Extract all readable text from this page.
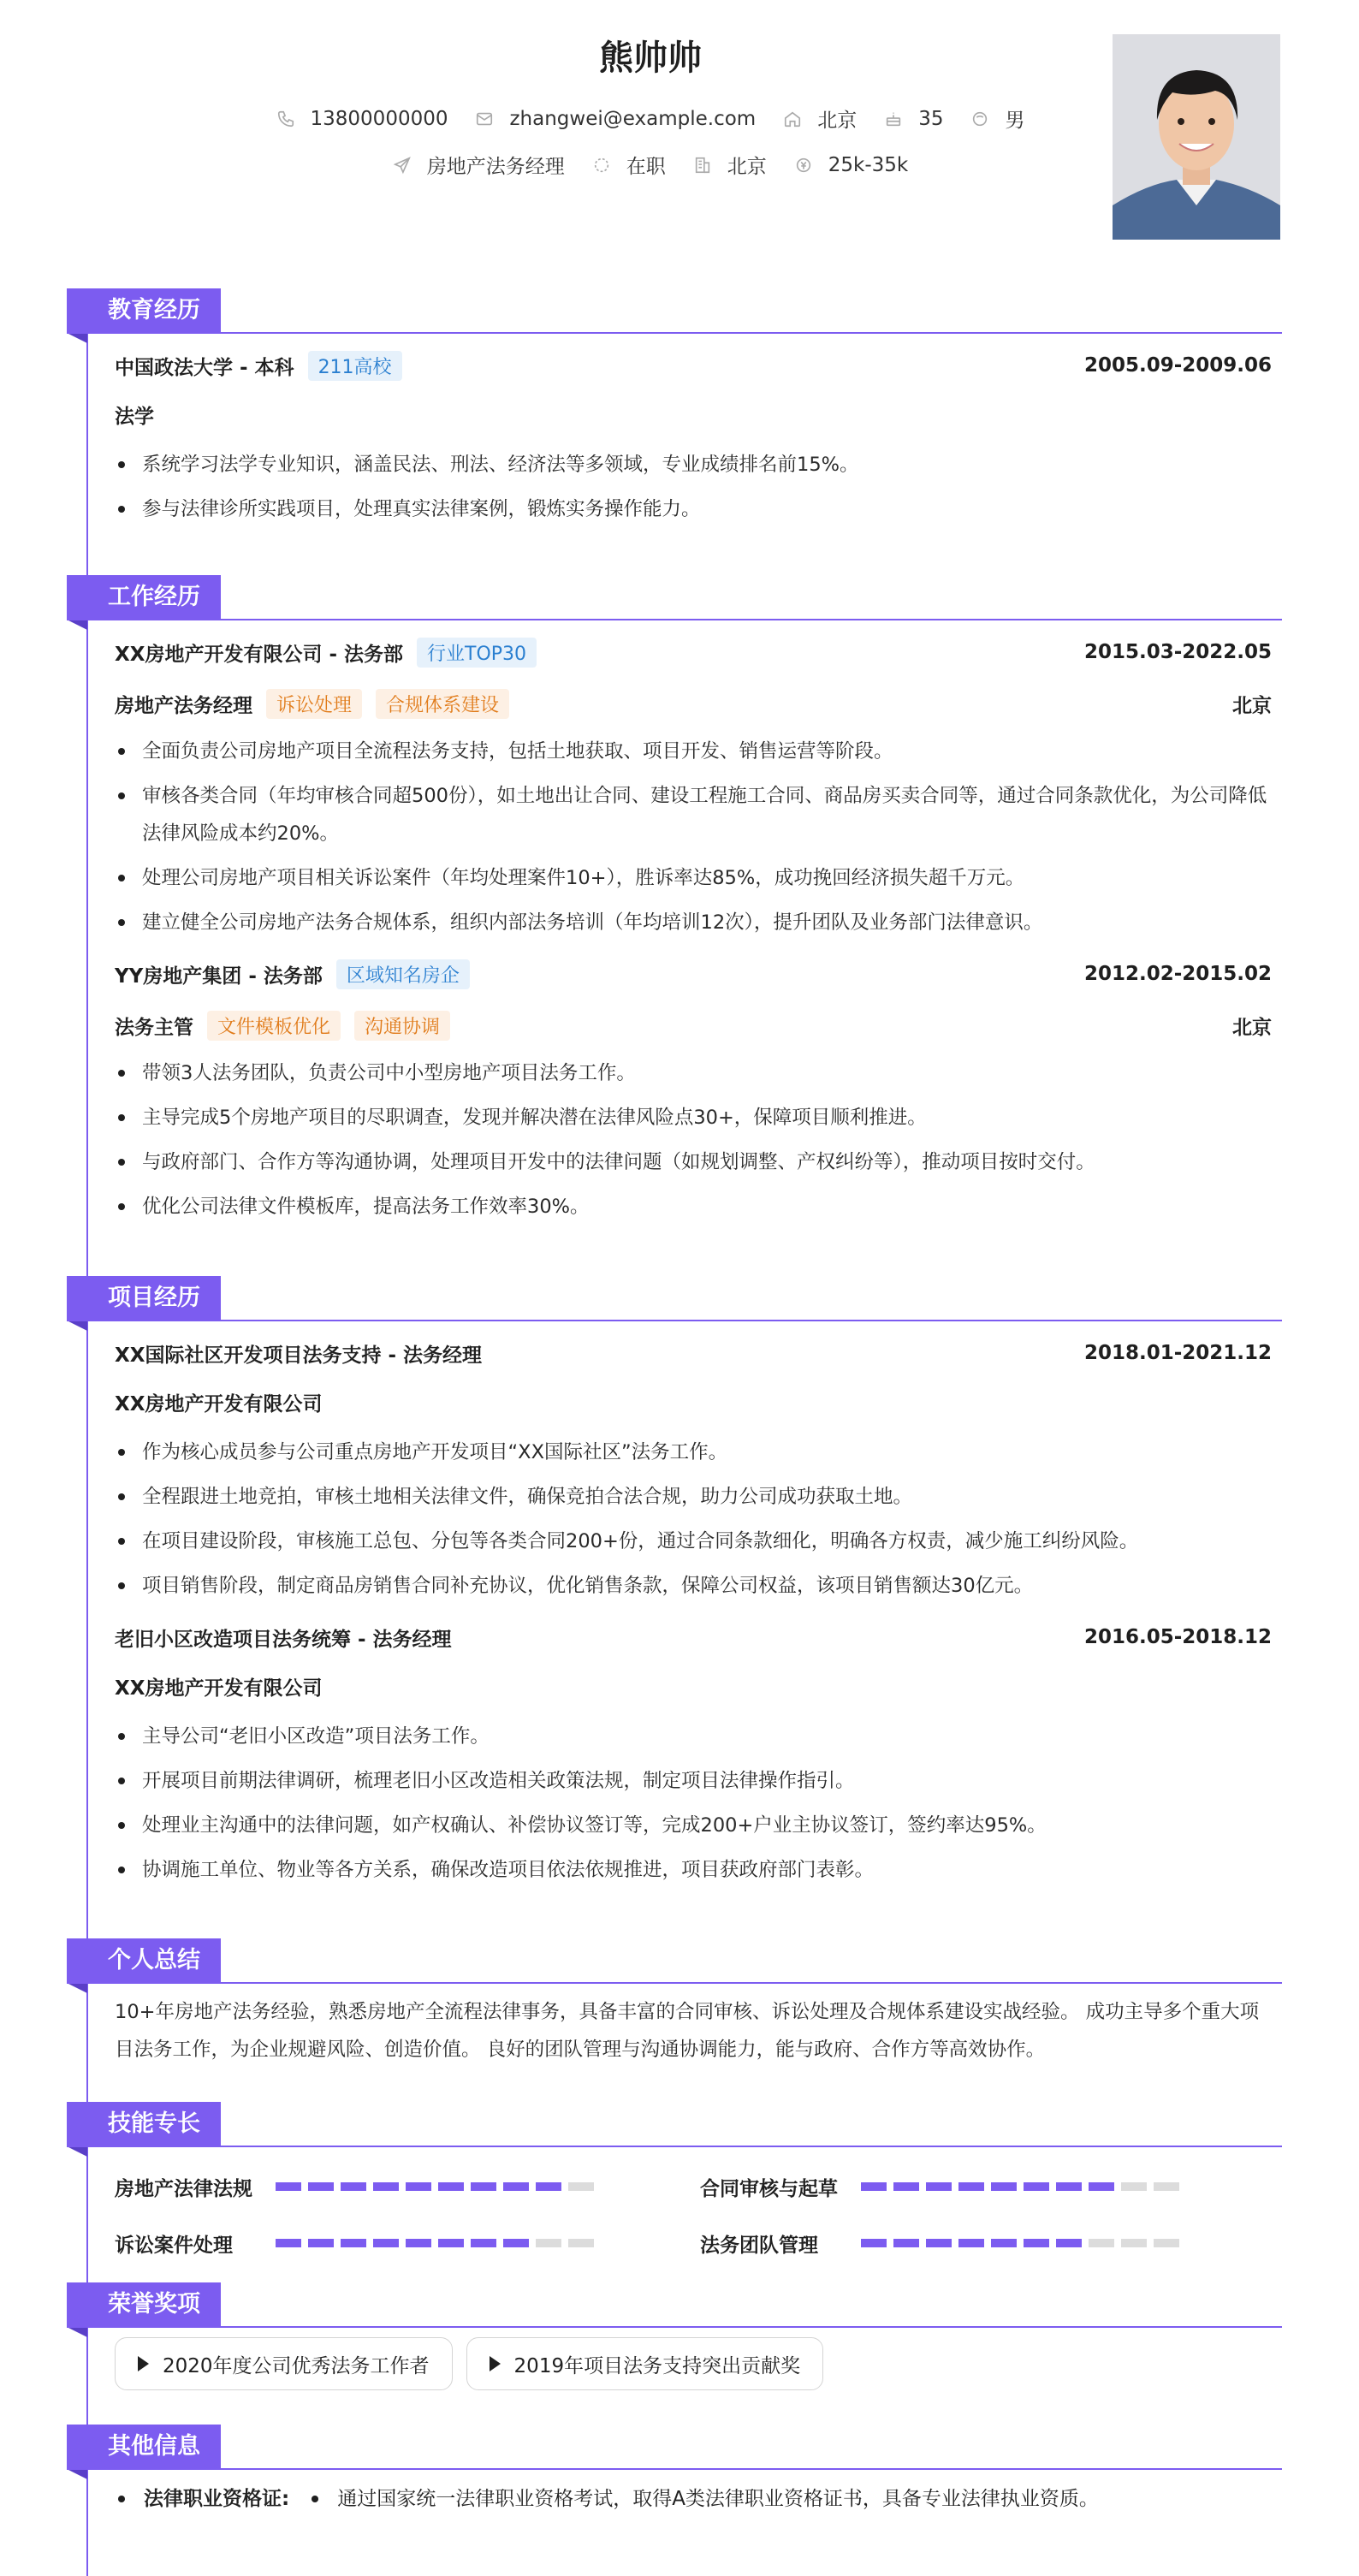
熊帅帅
13800000000	zhangwei@example.com	北京	35	男
房地产法务经理	在职	北京	25k-35k
教育经历
中国政法大学 - 本科	211高校	2005.09-2009.06
法学
系统学习法学专业知识，涵盖民法、刑法、经济法等多领域，专业成绩排名前15%。
参与法律诊所实践项目，处理真实法律案例，锻炼实务操作能力。
工作经历
XX房地产开发有限公司 - 法务部	行业TOP30	2015.03-2022.05
房地产法务经理	诉讼处理	合规体系建设	北京
全面负责公司房地产项目全流程法务支持，包括土地获取、项目开发、销售运营等阶段。
审核各类合同（年均审核合同超500份），如土地出让合同、建设工程施工合同、商品房买卖合同等，通过合同条款优化，为公司降低法律风险成本约20%。
处理公司房地产项目相关诉讼案件（年均处理案件10+），胜诉率达85%，成功挽回经济损失超千万元。
建立健全公司房地产法务合规体系，组织内部法务培训（年均培训12次），提升团队及业务部门法律意识。
YY房地产集团 - 法务部	区域知名房企	2012.02-2015.02
法务主管	文件模板优化	沟通协调	北京
带领3人法务团队，负责公司中小型房地产项目法务工作。
主导完成5个房地产项目的尽职调查，发现并解决潜在法律风险点30+，保障项目顺利推进。
与政府部门、合作方等沟通协调，处理项目开发中的法律问题（如规划调整、产权纠纷等），推动项目按时交付。
优化公司法律文件模板库，提高法务工作效率30%。
项目经历
XX国际社区开发项目法务支持 - 法务经理	2018.01-2021.12
XX房地产开发有限公司
作为核心成员参与公司重点房地产开发项目“XX国际社区”法务工作。
全程跟进土地竞拍，审核土地相关法律文件，确保竞拍合法合规，助力公司成功获取土地。
在项目建设阶段，审核施工总包、分包等各类合同200+份，通过合同条款细化，明确各方权责，减少施工纠纷风险。
项目销售阶段，制定商品房销售合同补充协议，优化销售条款，保障公司权益，该项目销售额达30亿元。
老旧小区改造项目法务统筹 - 法务经理	2016.05-2018.12
XX房地产开发有限公司
主导公司“老旧小区改造”项目法务工作。
开展项目前期法律调研，梳理老旧小区改造相关政策法规，制定项目法律操作指引。
处理业主沟通中的法律问题，如产权确认、补偿协议签订等，完成200+户业主协议签订，签约率达95%。
协调施工单位、物业等各方关系，确保改造项目依法依规推进，项目获政府部门表彰。
个人总结
10+年房地产法务经验，熟悉房地产全流程法律事务，具备丰富的合同审核、诉讼处理及合规体系建设实战经验。 成功主导多个重大项目法务工作，为企业规避风险、创造价值。 良好的团队管理与沟通协调能力，能与政府、合作方等高效协作。
技能专长
房地产法律法规	合同审核与起草
诉讼案件处理	法务团队管理
荣誉奖项
2020年度公司优秀法务工作者	2019年项目法务支持突出贡献奖
其他信息
法律职业资格证: 通过国家统一法律职业资格考试，取得A类法律职业资格证书，具备专业法律执业资质。
